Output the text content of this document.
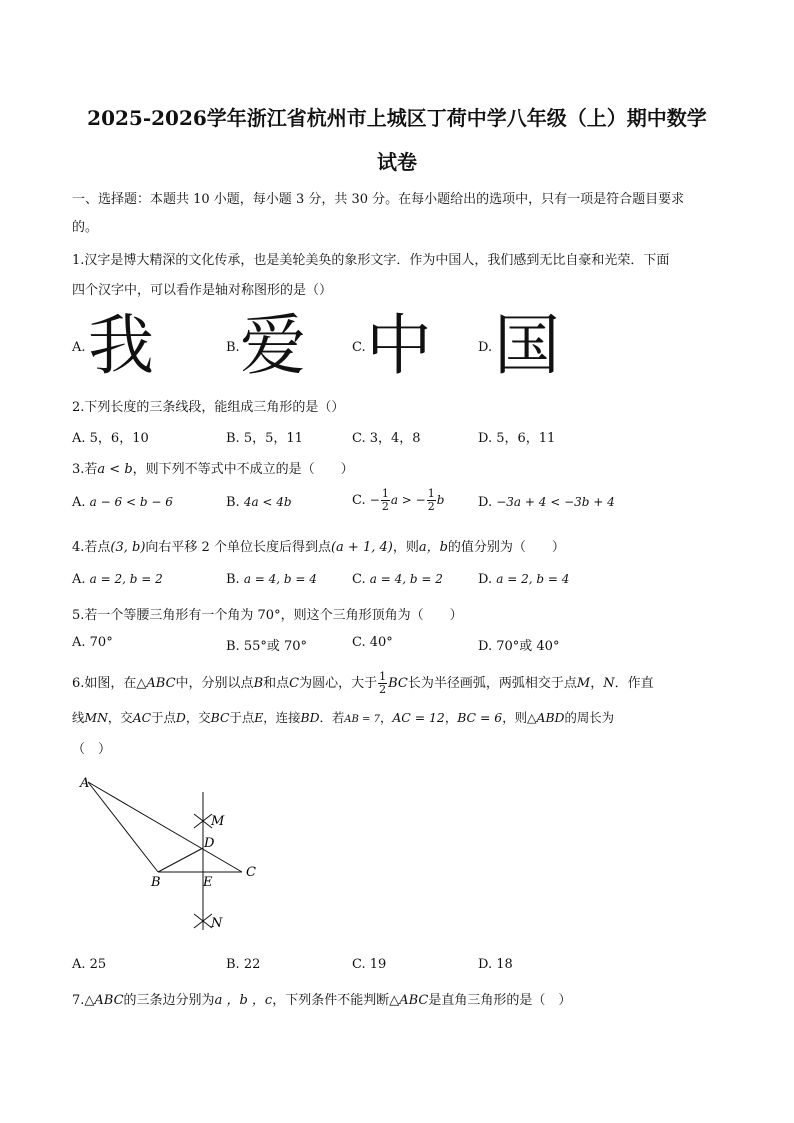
2025-2026学年浙江省杭州市上城区丁荷中学八年级（上）期中数学
试卷
一、选择题：本题共 10 小题，每小题 3 分，共 30 分。在每小题给出的选项中，只有一项是符合题目要求
的。
1.汉字是博大精深的文化传承，也是美轮美奂的象形文字．作为中国人，我们感到无比自豪和光荣．下面
四个汉字中，可以看作是轴对称图形的是（）
A. 我	B. 爱	C. 中	D. 国
2.下列长度的三条线段，能组成三角形的是（）
A. 5，6，10	B. 5，5，11	C. 3，4，8	D. 5，6，11
3.若a < b，则下列不等式中不成立的是（　　）
A. a − 6 < b − 6	B. 4a < 4b	C. − $\frac{1}{2}$ a > − $\frac{1}{2}$ b	D. −3a + 4 < −3b + 4
4.若点(3, b)向右平移 2 个单位长度后得到点(a + 1, 4)，则a，b的值分别为（　　）
A. a = 2, b = 2	B. a = 4, b = 4	C. a = 4, b = 2	D. a = 2, b = 4
5.若一个等腰三角形有一个角为 70°，则这个三角形顶角为（　　）
A. 70°	B. 55°或 70°	C. 40°	D. 70°或 40°
6.如图，在△ABC中，分别以点B和点C为圆心，大于 $\frac{1}{2}$ BC长为半径画弧，两弧相交于点M，N．作直
线MN，交AC于点D，交BC于点E，连接BD．若AB = 7，AC = 12，BC = 6，则△ABD的周长为
（　）
A
B
C
D
E
M
N
A. 25	B. 22	C. 19	D. 18
7.△ABC的三条边分别为a ，b ，c，下列条件不能判断△ABC是直角三角形的是（　）
